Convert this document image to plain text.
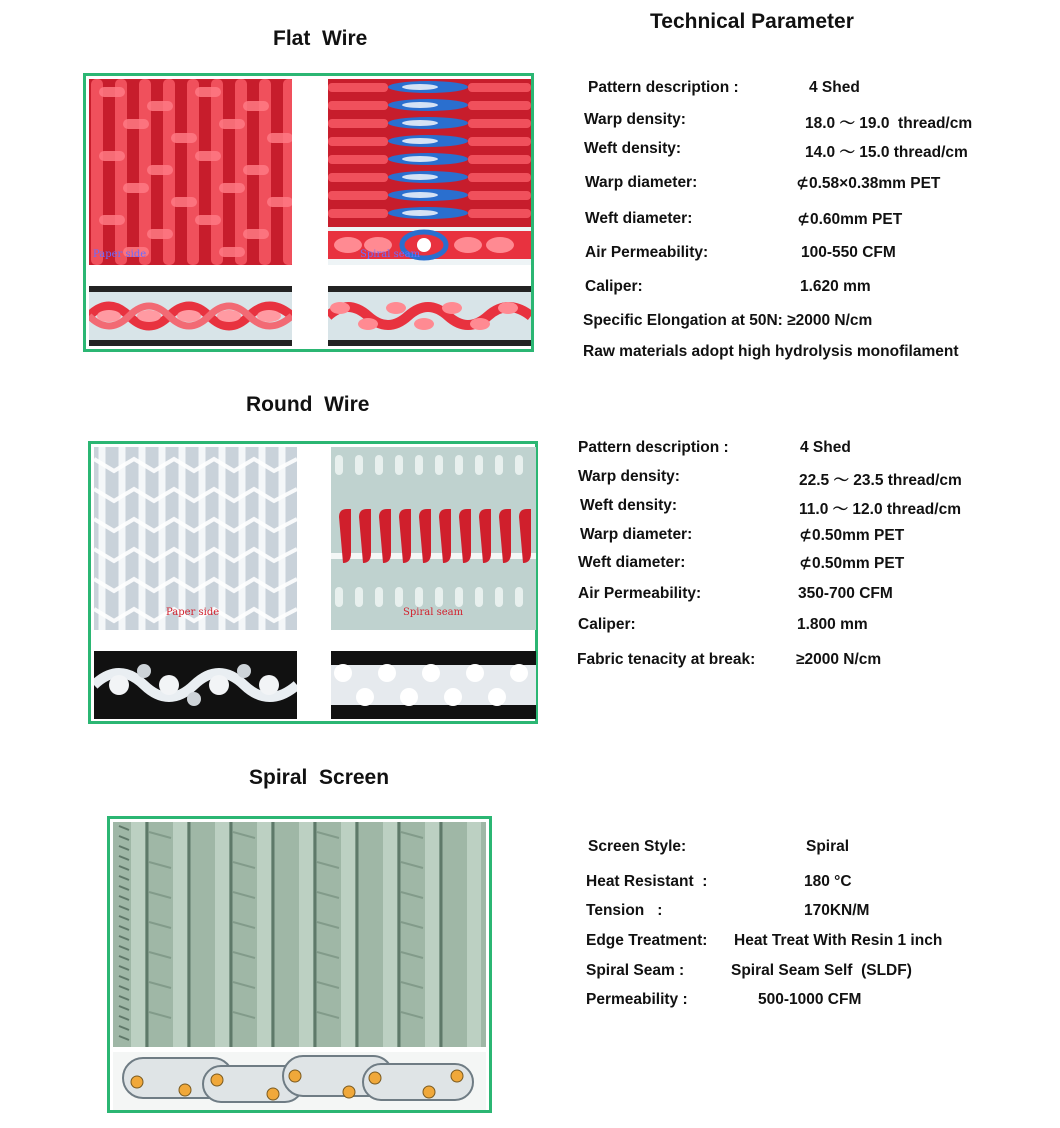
Technical Parameter
Flat  Wire
Round  Wire
Spiral  Screen
Paper side	Spiral seam
Pattern description :	4 Shed
Warp density:	18.0 ～ 19.0  thread/cm
Weft density:	14.0 ～ 15.0 thread/cm
Warp diameter:	⊄0.58×0.38mm PET
Weft diameter:	⊄0.60mm PET
Air Permeability:	100-550 CFM
Caliper:	1.620 mm
Specific Elongation at 50N: ≥2000 N/cm
Raw materials adopt high hydrolysis monofilament
Paper side	Spiral seam
Pattern description :	4 Shed
Warp density:	22.5 ～ 23.5 thread/cm
Weft density:	11.0 ～ 12.0 thread/cm
Warp diameter:	⊄0.50mm PET
Weft diameter:	⊄0.50mm PET
Air Permeability:	350-700 CFM
Caliper:	1.800 mm
Fabric tenacity at break:	≥2000 N/cm
Screen Style:	Spiral
Heat Resistant  :	180 °C
Tension   :	170KN/M
Edge Treatment: Heat Treat With Resin 1 inch
Spiral Seam :	Spiral Seam Self  (SLDF)
Permeability :	500-1000 CFM
